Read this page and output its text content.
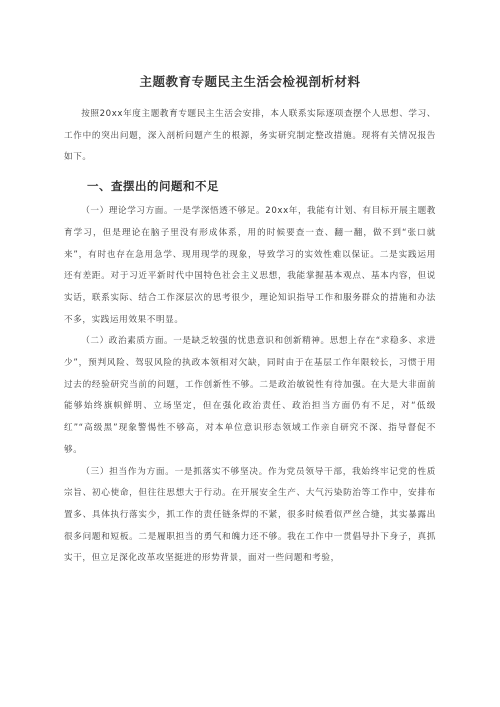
主题教育专题民主生活会检视剖析材料

按照20xx年度主题教育专题民主生活会安排，本人联系实际逐项查摆个人思想、学习、工作中的突出问题，深入剖析问题产生的根源，务实研究制定整改措施。现将有关情况报告如下。

一、查摆出的问题和不足

（一）理论学习方面。一是学深悟透不够足。20xx年，我能有计划、有目标开展主题教育学习，但是理论在脑子里没有形成体系，用的时候要查一查、翻一翻，做不到“张口就来”，有时也存在急用急学、现用现学的现象，导致学习的实效性难以保证。二是实践运用还有差距。对于习近平新时代中国特色社会主义思想，我能掌握基本观点、基本内容，但说实话，联系实际、结合工作深层次的思考很少，理论知识指导工作和服务群众的措施和办法不多，实践运用效果不明显。

（二）政治素质方面。一是缺乏较强的忧患意识和创新精神。思想上存在“求稳多、求进少”，预判风险、驾驭风险的执政本领相对欠缺，同时由于在基层工作年限较长，习惯于用过去的经验研究当前的问题，工作创新性不够。二是政治敏锐性有待加强。在大是大非面前能够始终旗帜鲜明、立场坚定，但在强化政治责任、政治担当方面仍有不足，对“低级红”“高级黑”现象警惕性不够高，对本单位意识形态领域工作亲自研究不深、指导督促不够。

（三）担当作为方面。一是抓落实不够坚决。作为党员领导干部，我始终牢记党的性质宗旨、初心使命，但往往思想大于行动。在开展安全生产、大气污染防治等工作中，安排布置多、具体执行落实少，抓工作的责任链条焊的不紧，很多时候看似严丝合缝，其实暴露出很多问题和短板。二是履职担当的勇气和魄力还不够。我在工作中一贯倡导扑下身子，真抓实干，但立足深化改革攻坚挺进的形势背景，面对一些问题和考验，
